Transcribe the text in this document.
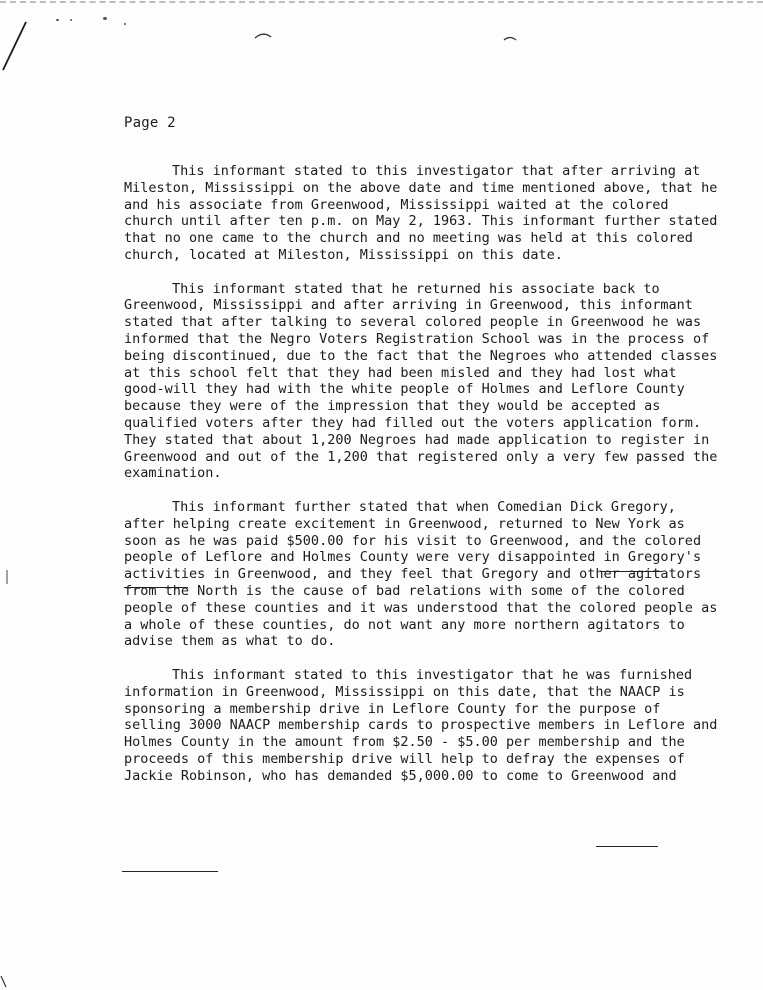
Page 2

This informant stated to this investigator that after arriving at Mileston, Mississippi on the above date and time mentioned above, that he and his associate from Greenwood, Mississippi waited at the colored church until after ten p.m. on May 2, 1963. This informant further stated that no one came to the church and no meeting was held at this colored church, located at Mileston, Mississippi on this date.

This informant stated that he returned his associate back to Greenwood, Mississippi and after arriving in Greenwood, this informant stated that after talking to several colored people in Greenwood he was informed that the Negro Voters Registration School was in the process of being discontinued, due to the fact that the Negroes who attended classes at this school felt that they had been misled and they had lost what good-will they had with the white people of Holmes and Leflore County because they were of the impression that they would be accepted as qualified voters after they had filled out the voters application form. They stated that about 1,200 Negroes had made application to register in Greenwood and out of the 1,200 that registered only a very few passed the examination.

This informant further stated that when Comedian Dick Gregory, after helping create excitement in Greenwood, returned to New York as soon as he was paid $500.00 for his visit to Greenwood, and the colored people of Leflore and Holmes County were very disappointed in Gregory's activities in Greenwood, and they feel that Gregory and other agitators from the North is the cause of bad relations with some of the colored people of these counties and it was understood that the colored people as a whole of these counties, do not want any more northern agitators to advise them as what to do.

This informant stated to this investigator that he was furnished information in Greenwood, Mississippi on this date, that the NAACP is sponsoring a membership drive in Leflore County for the purpose of selling 3000 NAACP membership cards to prospective members in Leflore and Holmes County in the amount from $2.50 - $5.00 per membership and the proceeds of this membership drive will help to defray the expenses of Jackie Robinson, who has demanded $5,000.00 to come to Greenwood and
